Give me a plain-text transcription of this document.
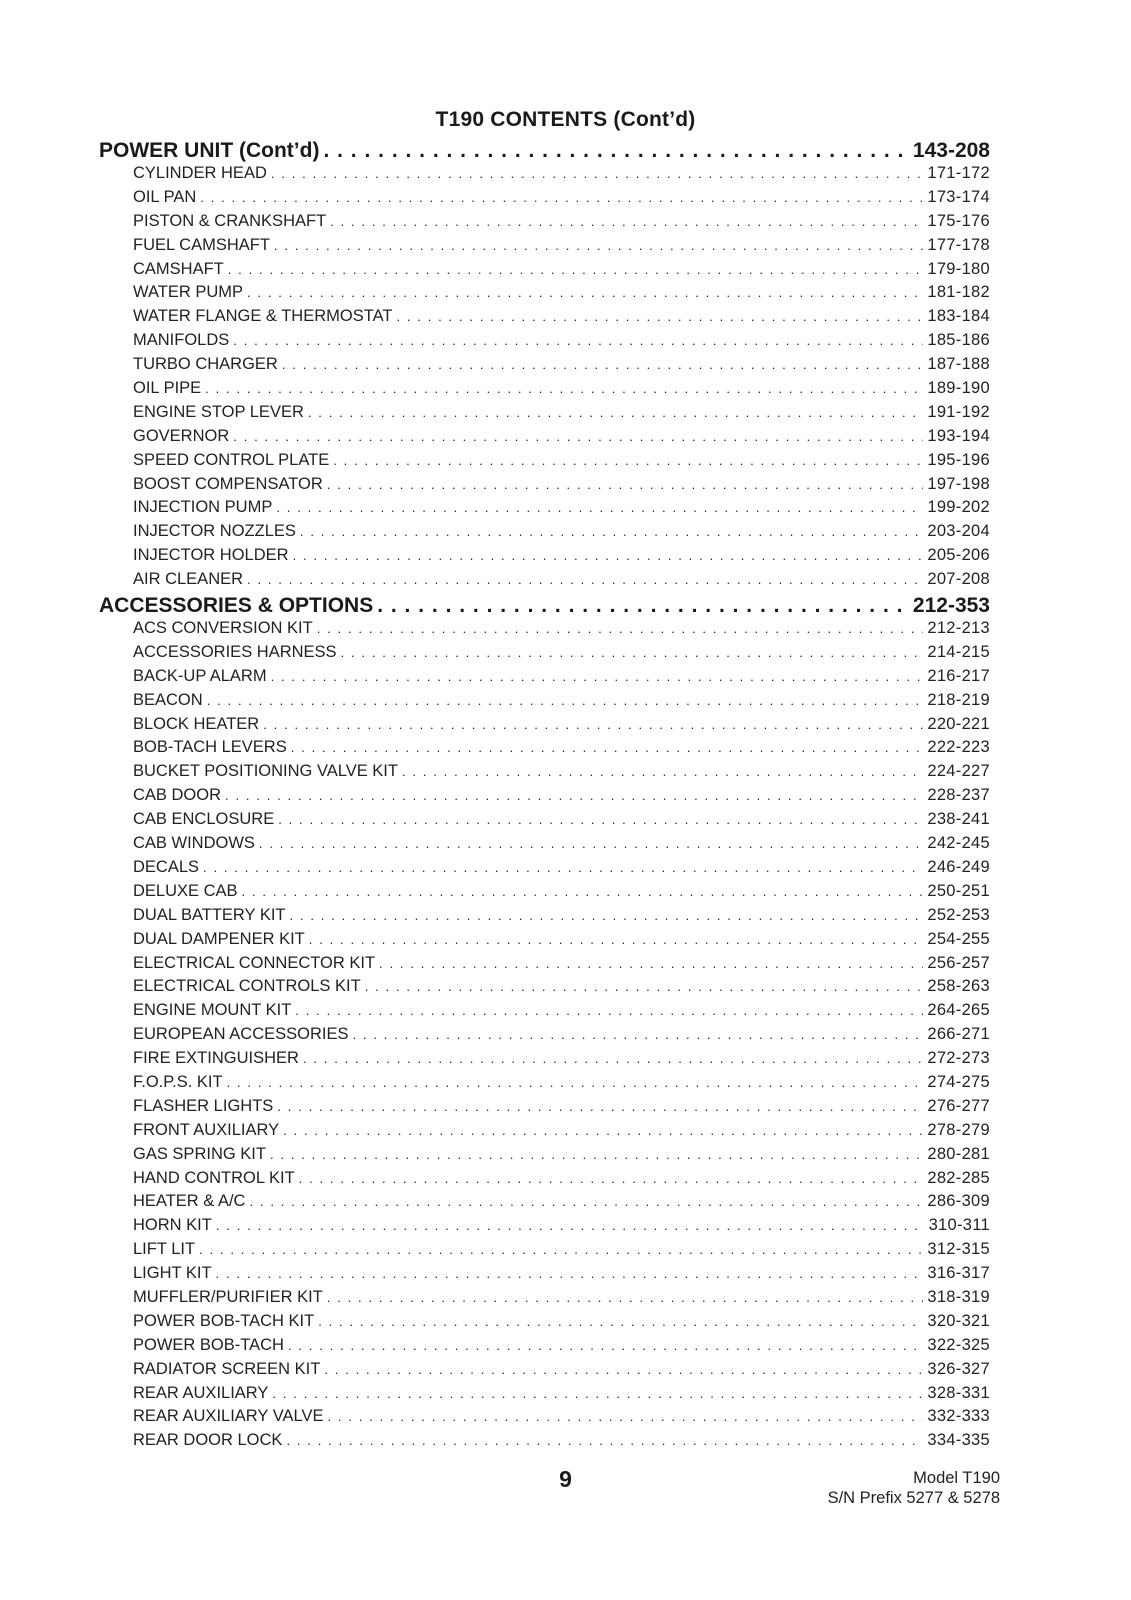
T190 CONTENTS (Cont’d)
POWER UNIT (Cont’d) . . .	143-208
CYLINDER HEAD . . .	171-172
OIL PAN . . .	173-174
PISTON & CRANKSHAFT . . .	175-176
FUEL CAMSHAFT . . .	177-178
CAMSHAFT . . .	179-180
WATER PUMP . . .	181-182
WATER FLANGE & THERMOSTAT . . .	183-184
MANIFOLDS . . .	185-186
TURBO CHARGER . . .	187-188
OIL PIPE . . .	189-190
ENGINE STOP LEVER . . .	191-192
GOVERNOR . . .	193-194
SPEED CONTROL PLATE . . .	195-196
BOOST COMPENSATOR . . .	197-198
INJECTION PUMP . . .	199-202
INJECTOR NOZZLES . . .	203-204
INJECTOR HOLDER . . .	205-206
AIR CLEANER . . .	207-208
ACCESSORIES & OPTIONS . . .	212-353
ACS CONVERSION KIT . . .	212-213
ACCESSORIES HARNESS . . .	214-215
BACK-UP ALARM . . .	216-217
BEACON . . .	218-219
BLOCK HEATER . . .	220-221
BOB-TACH LEVERS . . .	222-223
BUCKET POSITIONING VALVE KIT . . .	224-227
CAB DOOR . . .	228-237
CAB ENCLOSURE . . .	238-241
CAB WINDOWS . . .	242-245
DECALS . . .	246-249
DELUXE CAB . . .	250-251
DUAL BATTERY KIT . . .	252-253
DUAL DAMPENER KIT . . .	254-255
ELECTRICAL CONNECTOR KIT . . .	256-257
ELECTRICAL CONTROLS KIT . . .	258-263
ENGINE MOUNT KIT . . .	264-265
EUROPEAN ACCESSORIES . . .	266-271
FIRE EXTINGUISHER . . .	272-273
F.O.P.S. KIT . . .	274-275
FLASHER LIGHTS . . .	276-277
FRONT AUXILIARY . . .	278-279
GAS SPRING KIT . . .	280-281
HAND CONTROL KIT . . .	282-285
HEATER & A/C . . .	286-309
HORN KIT . . .	310-311
LIFT LIT . . .	312-315
LIGHT KIT . . .	316-317
MUFFLER/PURIFIER KIT . . .	318-319
POWER BOB-TACH KIT . . .	320-321
POWER BOB-TACH . . .	322-325
RADIATOR SCREEN KIT . . .	326-327
REAR AUXILIARY . . .	328-331
REAR AUXILIARY VALVE . . .	332-333
REAR DOOR LOCK . . .	334-335
9	Model T190
S/N Prefix 5277 & 5278
